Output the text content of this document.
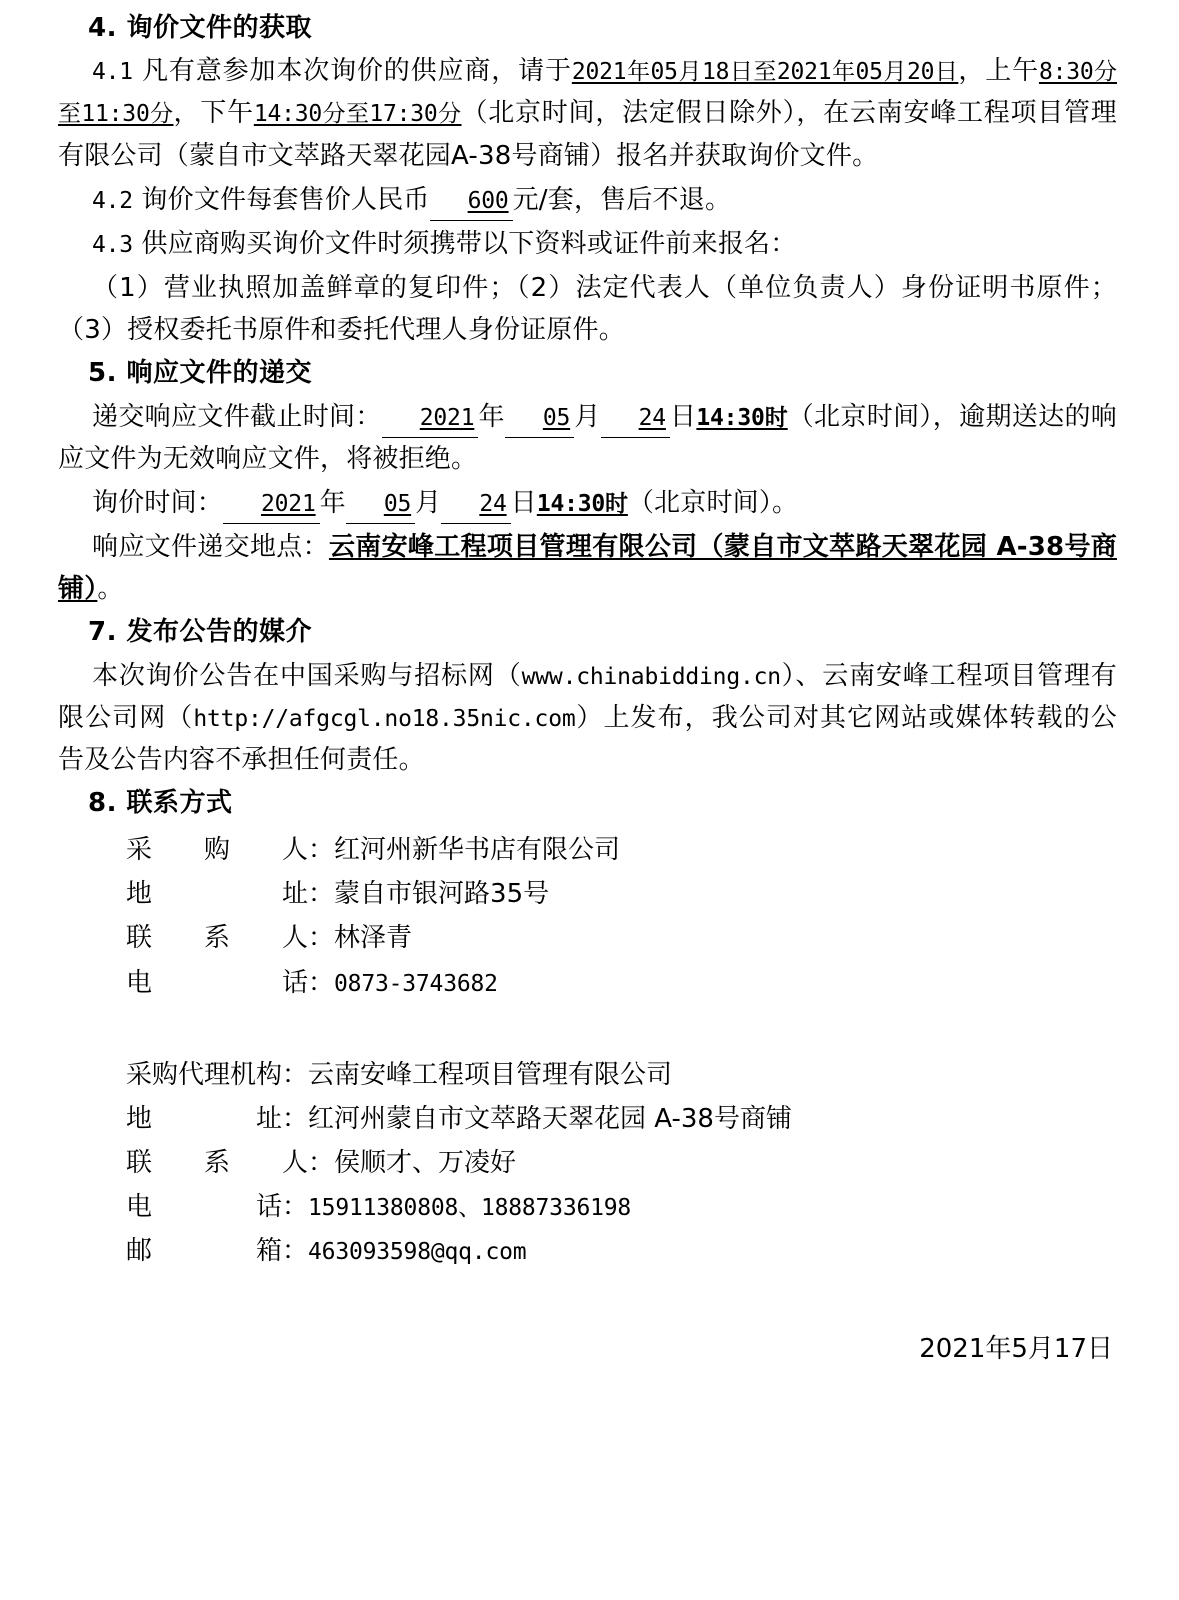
4. 询价文件的获取

4.1 凡有意参加本次询价的供应商，请于2021年05月18日至2021年05月20日，上午8:30分至11:30分，下午14:30分至17:30分（北京时间，法定假日除外），在云南安峰工程项目管理有限公司（蒙自市文萃路天翠花园A-38号商铺）报名并获取询价文件。

4.2 询价文件每套售价人民币 600 元/套，售后不退。

4.3 供应商购买询价文件时须携带以下资料或证件前来报名：

（1）营业执照加盖鲜章的复印件；（2）法定代表人（单位负责人）身份证明书原件；（3）授权委托书原件和委托代理人身份证原件。

5. 响应文件的递交

递交响应文件截止时间： 2021 年 05 月 24 日14:30时（北京时间），逾期送达的响应文件为无效响应文件，将被拒绝。

询价时间： 2021 年 05 月 24 日14:30时（北京时间）。

响应文件递交地点：云南安峰工程项目管理有限公司（蒙自市文萃路天翠花园 A-38号商铺）。

7. 发布公告的媒介

本次询价公告在中国采购与招标网（www.chinabidding.cn）、云南安峰工程项目管理有限公司网（http://afgcgl.no18.35nic.com）上发布，我公司对其它网站或媒体转载的公告及公告内容不承担任何责任。

8. 联系方式

采　　购　　人：红河州新华书店有限公司

地　　　　　址：蒙自市银河路35号

联　　系　　人：林泽青

电　　　　　话：0873-3743682

采购代理机构：云南安峰工程项目管理有限公司

地　　　　址：红河州蒙自市文萃路天翠花园 A-38号商铺

联　　系　　人：侯顺才、万凌好

电　　　　话：15911380808、18887336198

邮　　　　箱：463093598@qq.com

2021年5月17日
